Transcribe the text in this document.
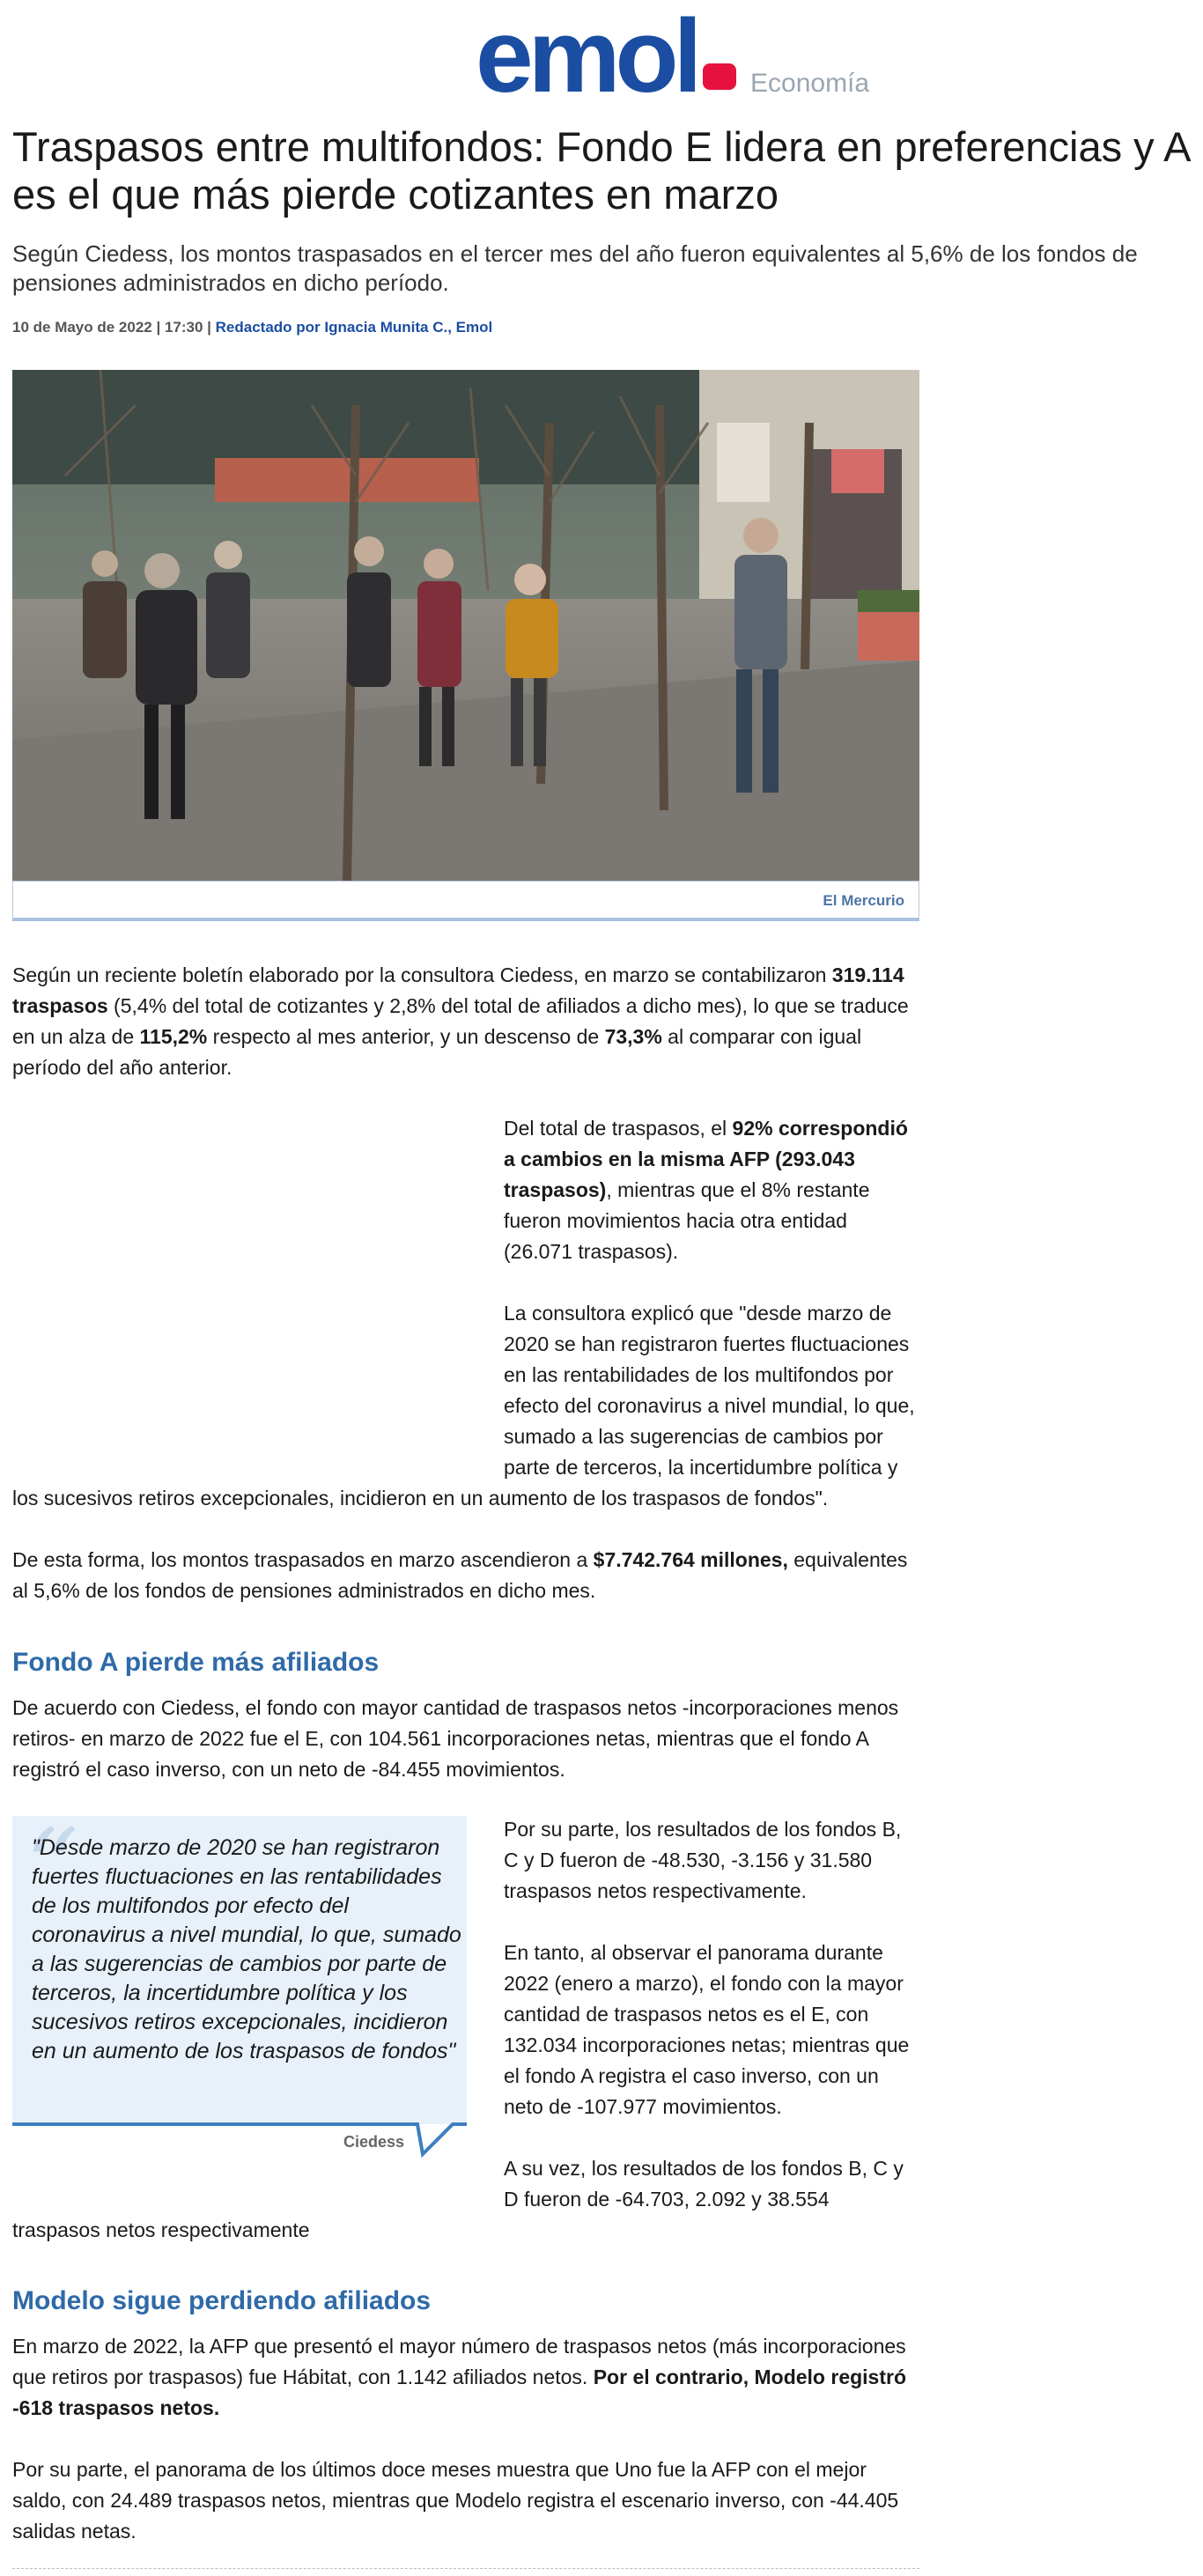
emol Economía
Traspasos entre multifondos: Fondo E lidera en preferencias y A es el que más pierde cotizantes en marzo

Según Ciedess, los montos traspasados en el tercer mes del año fueron equivalentes al 5,6% de los fondos de pensiones administrados en dicho período.

10 de Mayo de 2022 | 17:30 | Redactado por Ignacia Munita C., Emol
El Mercurio
Según un reciente boletín elaborado por la consultora Ciedess, en marzo se contabilizaron 319.114
traspasos (5,4% del total de cotizantes y 2,8% del total de afiliados a dicho mes), lo que se traduce
en un alza de 115,2% respecto al mes anterior, y un descenso de 73,3% al comparar con igual
período del año anterior.
Del total de traspasos, el 92% correspondió
a cambios en la misma AFP (293.043
traspasos), mientras que el 8% restante
fueron movimientos hacia otra entidad
(26.071 traspasos).
La consultora explicó que "desde marzo de
2020 se han registraron fuertes fluctuaciones
en las rentabilidades de los multifondos por
efecto del coronavirus a nivel mundial, lo que,
sumado a las sugerencias de cambios por
parte de terceros, la incertidumbre política y
los sucesivos retiros excepcionales, incidieron en un aumento de los traspasos de fondos".
De esta forma, los montos traspasados en marzo ascendieron a $7.742.764 millones, equivalentes
al 5,6% de los fondos de pensiones administrados en dicho mes.
Fondo A pierde más afiliados
De acuerdo con Ciedess, el fondo con mayor cantidad de traspasos netos -incorporaciones menos
retiros- en marzo de 2022 fue el E, con 104.561 incorporaciones netas, mientras que el fondo A
registró el caso inverso, con un neto de -84.455 movimientos.
“

"Desde marzo de 2020 se han registraron fuertes fluctuaciones en las rentabilidades de los multifondos por efecto del coronavirus a nivel mundial, lo que, sumado a las sugerencias de cambios por parte de terceros, la incertidumbre política y los sucesivos retiros excepcionales, incidieron en un aumento de los traspasos de fondos"

Ciedess
Por su parte, los resultados de los fondos B,
C y D fueron de -48.530, -3.156 y 31.580
traspasos netos respectivamente.
En tanto, al observar el panorama durante
2022 (enero a marzo), el fondo con la mayor
cantidad de traspasos netos es el E, con
132.034 incorporaciones netas; mientras que
el fondo A registra el caso inverso, con un
neto de -107.977 movimientos.
A su vez, los resultados de los fondos B, C y
D fueron de -64.703, 2.092 y 38.554
traspasos netos respectivamente
Modelo sigue perdiendo afiliados
En marzo de 2022, la AFP que presentó el mayor número de traspasos netos (más incorporaciones
que retiros por traspasos) fue Hábitat, con 1.142 afiliados netos. Por el contrario, Modelo registró
-618 traspasos netos.
Por su parte, el panorama de los últimos doce meses muestra que Uno fue la AFP con el mejor
saldo, con 24.489 traspasos netos, mientras que Modelo registra el escenario inverso, con -44.405
salidas netas.
